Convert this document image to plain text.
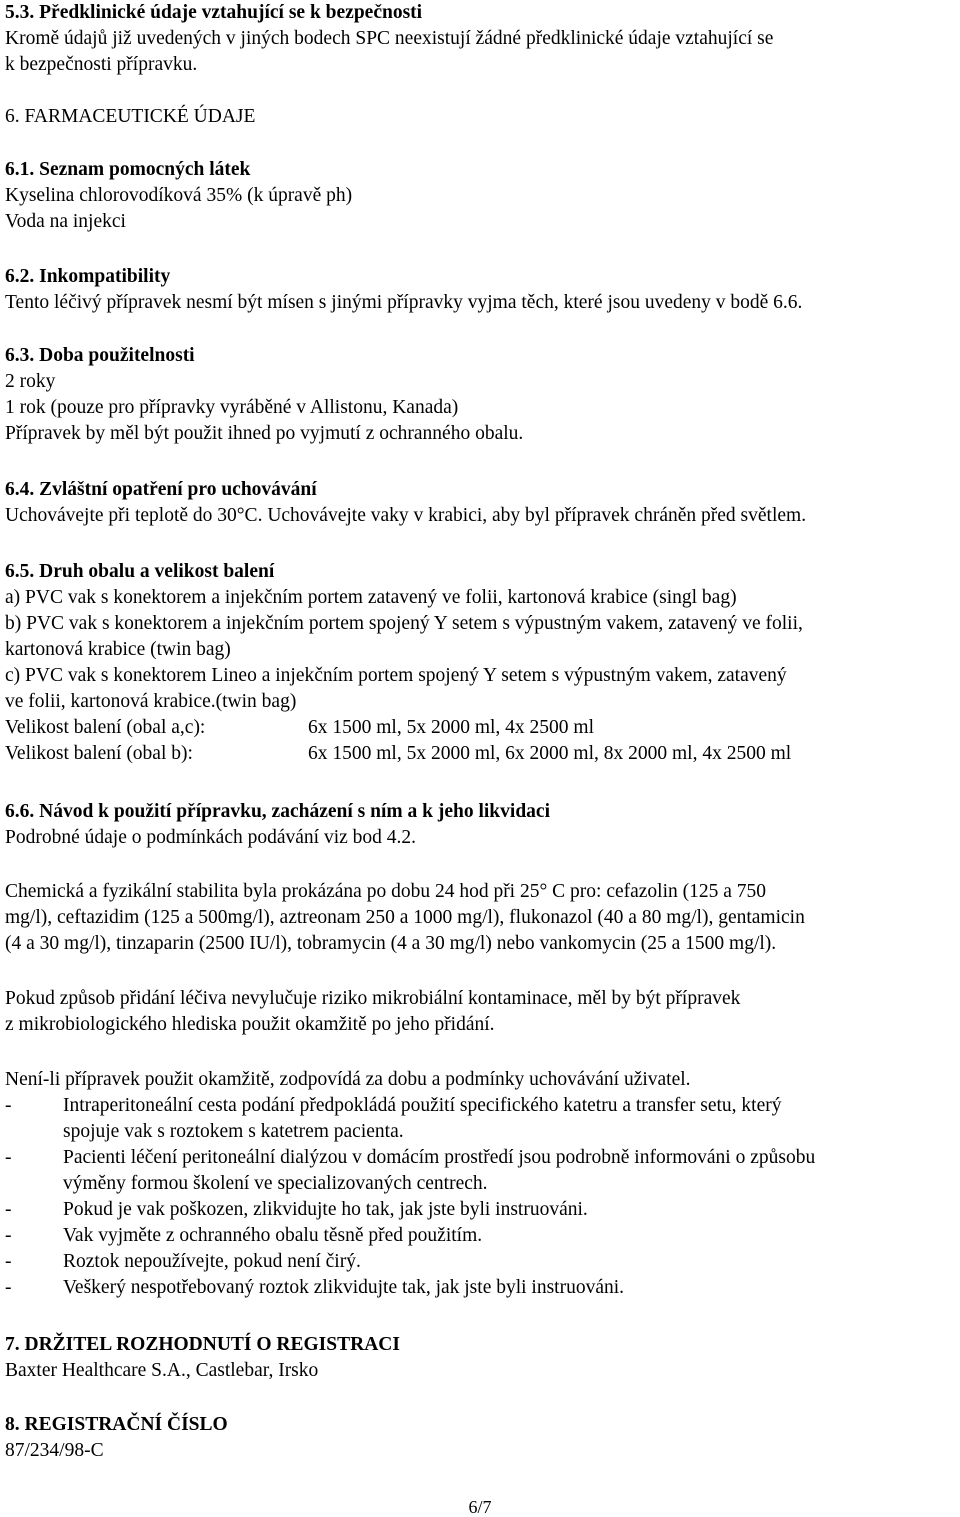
5.3. Předklinické údaje vztahující se k bezpečnosti
Kromě údajů již uvedených v jiných bodech SPC neexistují žádné předklinické údaje vztahující se
k bezpečnosti přípravku.
6. FARMACEUTICKÉ ÚDAJE
6.1. Seznam pomocných látek
Kyselina chlorovodíková 35% (k úpravě ph)
Voda na injekci
6.2. Inkompatibility
Tento léčivý přípravek nesmí být mísen s jinými přípravky vyjma těch, které jsou uvedeny v bodě 6.6.
6.3. Doba použitelnosti
2 roky
1 rok (pouze pro přípravky vyráběné v Allistonu, Kanada)
Přípravek by měl být použit ihned po vyjmutí z ochranného obalu.
6.4. Zvláštní opatření pro uchovávání
Uchovávejte při teplotě do 30°C. Uchovávejte vaky v krabici, aby byl přípravek chráněn před světlem.
6.5. Druh obalu a velikost balení
a) PVC vak s konektorem a injekčním portem zatavený ve folii, kartonová krabice (singl bag)
b) PVC vak s konektorem a injekčním portem spojený Y setem s výpustným vakem, zatavený ve folii,
kartonová krabice (twin bag)
c) PVC vak s konektorem Lineo a injekčním portem spojený Y setem s výpustným vakem, zatavený
ve folii, kartonová krabice.(twin bag)
Velikost balení (obal a,c):	6x 1500 ml, 5x 2000 ml, 4x 2500 ml
Velikost balení (obal b):	6x 1500 ml, 5x 2000 ml, 6x 2000 ml, 8x 2000 ml, 4x 2500 ml
6.6. Návod k použití přípravku, zacházení s ním a k jeho likvidaci
Podrobné údaje o podmínkách podávání viz bod 4.2.
Chemická a fyzikální stabilita byla prokázána po dobu 24 hod při 25° C pro: cefazolin (125 a 750
mg/l), ceftazidim (125 a 500mg/l), aztreonam 250 a 1000 mg/l), flukonazol (40 a 80 mg/l), gentamicin
(4 a 30 mg/l), tinzaparin (2500 IU/l), tobramycin (4 a 30 mg/l) nebo vankomycin (25 a 1500 mg/l).
Pokud způsob přidání léčiva nevylučuje riziko mikrobiální kontaminace, měl by být přípravek
z mikrobiologického hlediska použit okamžitě po jeho přidání.
Není-li přípravek použit okamžitě, zodpovídá za dobu a podmínky uchovávání uživatel.
-	Intraperitoneální cesta podání předpokládá použití specifického katetru a transfer setu, který
spojuje vak s roztokem s katetrem pacienta.
-	Pacienti léčení peritoneální dialýzou v domácím prostředí jsou podrobně informováni o způsobu
výměny formou školení ve specializovaných centrech.
-	Pokud je vak poškozen, zlikvidujte ho tak, jak jste byli instruováni.
-	Vak vyjměte z ochranného obalu těsně před použitím.
-	Roztok nepoužívejte, pokud není čirý.
-	Veškerý nespotřebovaný roztok zlikvidujte tak, jak jste byli instruováni.
7. DRŽITEL ROZHODNUTÍ O REGISTRACI
Baxter Healthcare S.A., Castlebar, Irsko
8. REGISTRAČNÍ ČÍSLO
87/234/98-C
6/7
